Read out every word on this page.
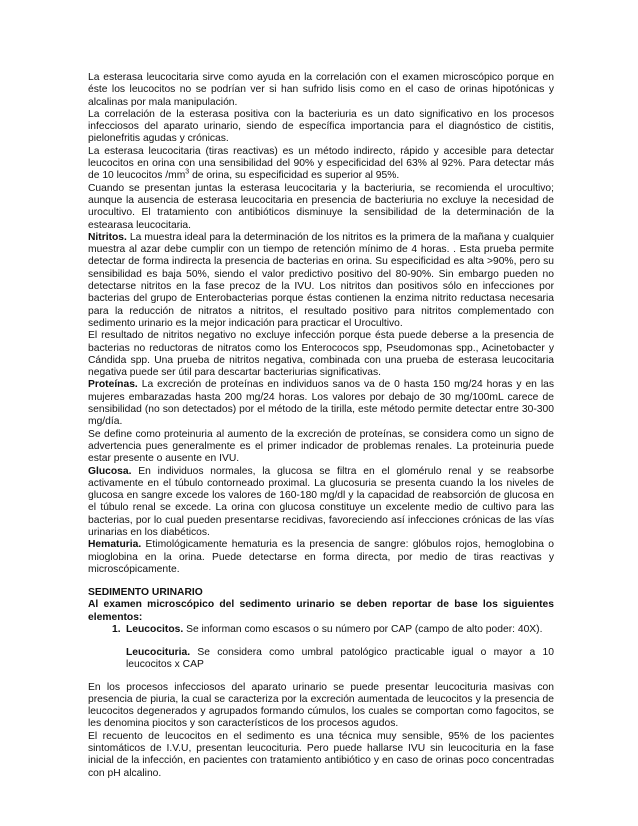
La esterasa leucocitaria sirve como ayuda en la correlación con el examen microscópico porque en éste los leucocitos no se podrían ver si han sufrido lisis como en el caso de orinas hipotónicas y alcalinas por mala manipulación.

La correlación de la esterasa positiva con la bacteriuria es un dato significativo en los procesos infecciosos del aparato urinario, siendo de específica importancia para el diagnóstico de cistitis, pielonefritis agudas y crónicas.

La esterasa leucocitaria (tiras reactivas) es un método indirecto, rápido y accesible para detectar leucocitos en orina con una sensibilidad del 90% y especificidad del 63% al 92%. Para detectar más de 10 leucocitos $/mm^3$ de orina, su especificidad es superior al 95%.

Cuando se presentan juntas la esterasa leucocitaria y la bacteriuria, se recomienda el urocultivo; aunque la ausencia de esterasa leucocitaria en presencia de bacteriuria no excluye la necesidad de urocultivo. El tratamiento con antibióticos disminuye la sensibilidad de la determinación de la estearasa leucocitaria.

Nitritos. La muestra ideal para la determinación de los nitritos es la primera de la mañana y cualquier muestra al azar debe cumplir con un tiempo de retención mínimo de 4 horas. . Esta prueba permite detectar de forma indirecta la presencia de bacterias en orina. Su especificidad es alta >90%, pero su sensibilidad es baja 50%, siendo el valor predictivo positivo del 80-90%. Sin embargo pueden no detectarse nitritos en la fase precoz de la IVU. Los nitritos dan positivos sólo en infecciones por bacterias del grupo de Enterobacterias porque éstas contienen la enzima nitrito reductasa necesaria para la reducción de nitratos a nitritos, el resultado positivo para nitritos complementado con sedimento urinario es la mejor indicación para practicar el Urocultivo.

El resultado de nitritos negativo no excluye infección porque ésta puede deberse a la presencia de bacterias no reductoras de nitratos como los Enterococos spp, Pseudomonas spp., Acinetobacter y Cándida spp. Una prueba de nitritos negativa, combinada con una prueba de esterasa leucocitaria negativa puede ser útil para descartar bacteriurias significativas.

Proteínas. La excreción de proteínas en individuos sanos va de 0 hasta 150 mg/24 horas y en las mujeres embarazadas hasta 200 mg/24 horas. Los valores por debajo de 30 mg/100mL carece de sensibilidad (no son detectados) por el método de la tirilla, este método permite detectar entre 30-300 mg/día.

Se define como proteinuria al aumento de la excreción de proteínas, se considera como un signo de advertencia pues generalmente es el primer indicador de problemas renales. La proteinuria puede estar presente o ausente en IVU.

Glucosa. En individuos normales, la glucosa se filtra en el glomérulo renal y se reabsorbe activamente en el túbulo contorneado proximal. La glucosuria se presenta cuando la los niveles de glucosa en sangre excede los valores de 160-180 mg/dl y la capacidad de reabsorción de glucosa en el túbulo renal se excede. La orina con glucosa constituye un excelente medio de cultivo para las bacterias, por lo cual pueden presentarse recidivas, favoreciendo así infecciones crónicas de las vías urinarias en los diabéticos.

Hematuria. Etimológicamente hematuria es la presencia de sangre: glóbulos rojos, hemoglobina o mioglobina en la orina. Puede detectarse en forma directa, por medio de tiras reactivas y microscópicamente.

SEDIMENTO URINARIO

Al examen microscópico del sedimento urinario se deben reportar de base los siguientes elementos:

1. Leucocitos. Se informan como escasos o su número por CAP (campo de alto poder: 40X).

Leucocituria. Se considera como umbral patológico practicable igual o mayor a 10 leucocitos x CAP

En los procesos infecciosos del aparato urinario se puede presentar leucocituria masivas con presencia de piuria, la cual se caracteriza por la excreción aumentada de leucocitos y la presencia de leucocitos degenerados y agrupados formando cúmulos, los cuales se comportan como fagocitos, se les denomina piocitos y son característicos de los procesos agudos.

El recuento de leucocitos en el sedimento es una técnica muy sensible, 95% de los pacientes sintomáticos de I.V.U, presentan leucocituria. Pero puede hallarse IVU sin leucocituria en la fase inicial de la infección, en pacientes con tratamiento antibiótico y en caso de orinas poco concentradas con pH alcalino.
